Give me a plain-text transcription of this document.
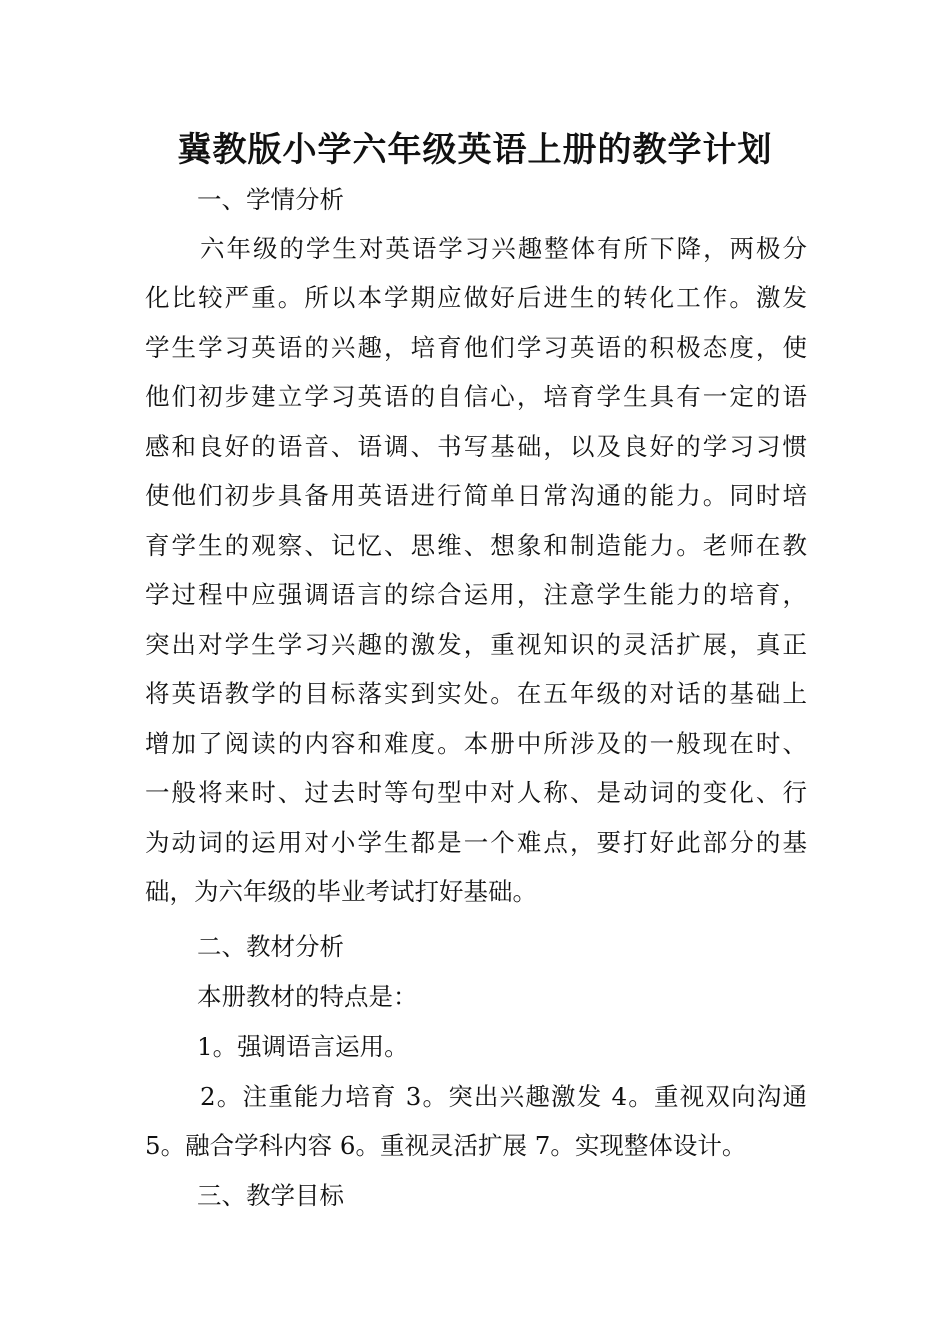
冀教版小学六年级英语上册的教学计划

一、学情分析

六年级的学生对英语学习兴趣整体有所下降，两极分

化比较严重。所以本学期应做好后进生的转化工作。激发

学生学习英语的兴趣，培育他们学习英语的积极态度，使

他们初步建立学习英语的自信心，培育学生具有一定的语

感和良好的语音、语调、书写基础，以及良好的学习习惯

使他们初步具备用英语进行简单日常沟通的能力。同时培

育学生的观察、记忆、思维、想象和制造能力。老师在教

学过程中应强调语言的综合运用，注意学生能力的培育，

突出对学生学习兴趣的激发，重视知识的灵活扩展，真正

将英语教学的目标落实到实处。在五年级的对话的基础上

增加了阅读的内容和难度。本册中所涉及的一般现在时、

一般将来时、过去时等句型中对人称、是动词的变化、行

为动词的运用对小学生都是一个难点，要打好此部分的基

础，为六年级的毕业考试打好基础。

二、教材分析

本册教材的特点是：

1。强调语言运用。

2。注重能力培育 3。突出兴趣激发 4。重视双向沟通

5。融合学科内容 6。重视灵活扩展 7。实现整体设计。

三、教学目标
